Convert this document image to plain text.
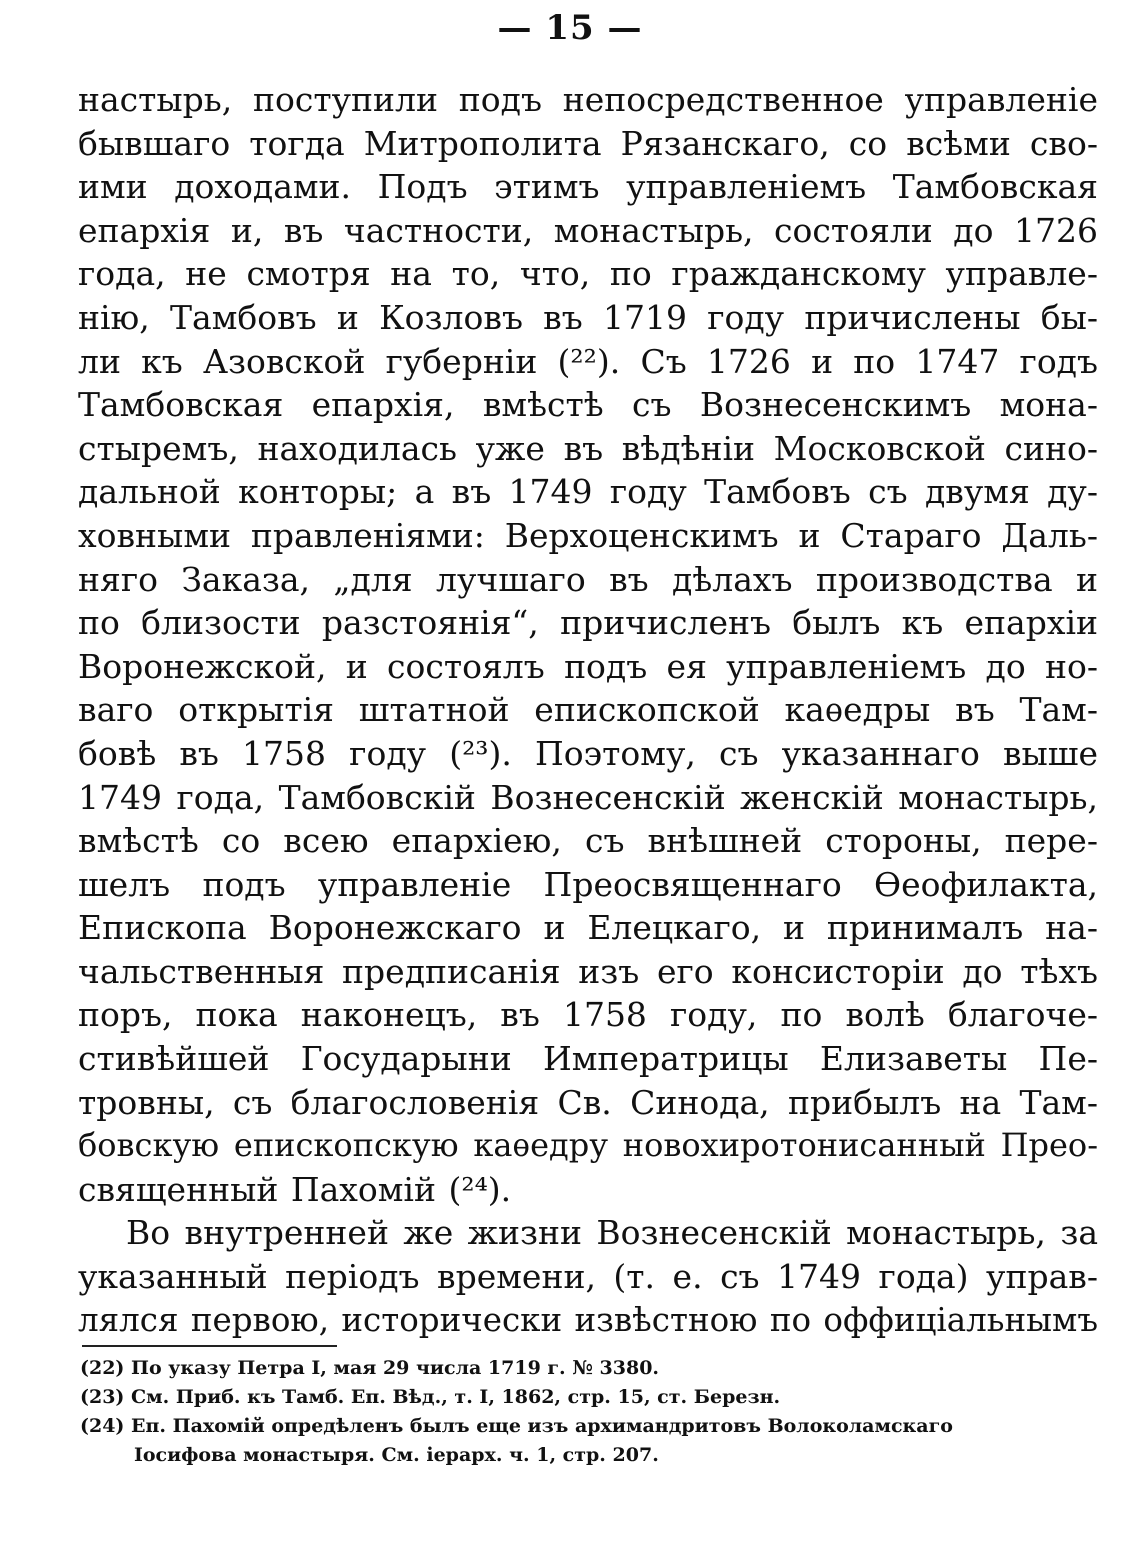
— 15 —
настырь, поступили подъ непосредственное управленіе
бывшаго тогда Митрополита Рязанскаго, со всѣми сво-
ими доходами. Подъ этимъ управленіемъ Тамбовская
епархія и, въ частности, монастырь, состояли до 1726
года, не смотря на то, что, по гражданскому управле-
нію, Тамбовъ и Козловъ въ 1719 году причислены бы-
ли къ Азовской губерніи (²²). Съ 1726 и по 1747 годъ
Тамбовская епархія, вмѣстѣ съ Вознесенскимъ мона-
стыремъ, находилась уже въ вѣдѣніи Московской сино-
дальной конторы; а въ 1749 году Тамбовъ съ двумя ду-
ховными правленіями: Верхоценскимъ и Стараго Даль-
няго Заказа, „для лучшаго въ дѣлахъ производства и
по близости разстоянія“, причисленъ былъ къ епархіи
Воронежской, и состоялъ подъ ея управленіемъ до но-
ваго открытія штатной епископской каѳедры въ Там-
бовѣ въ 1758 году (²³). Поэтому, съ указаннаго выше
1749 года, Тамбовскій Вознесенскій женскій монастырь,
вмѣстѣ со всею епархіею, съ внѣшней стороны, пере-
шелъ подъ управленіе Преосвященнаго Ѳеофилакта,
Епископа Воронежскаго и Елецкаго, и принималъ на-
чальственныя предписанія изъ его консисторіи до тѣхъ
поръ, пока наконецъ, въ 1758 году, по волѣ благоче-
стивѣйшей Государыни Императрицы Елизаветы Пе-
тровны, съ благословенія Св. Синода, прибылъ на Там-
бовскую епископскую каѳедру новохиротонисанный Прео-
священный Пахомій (²⁴).
Во внутренней же жизни Вознесенскій монастырь, за
указанный періодъ времени, (т. е. съ 1749 года) управ-
лялся первою, исторически извѣстною по оффиціальнымъ
(22) По указу Петра I, мая 29 числа 1719 г. № 3380.
(23) См. Приб. къ Тамб. Еп. Вѣд., т. I, 1862, стр. 15, ст. Березн.
(24) Еп. Пахомій опредѣленъ былъ еще изъ архимандритовъ Волоколамскаго
Іосифова монастыря. См. іерарх. ч. 1, стр. 207.
